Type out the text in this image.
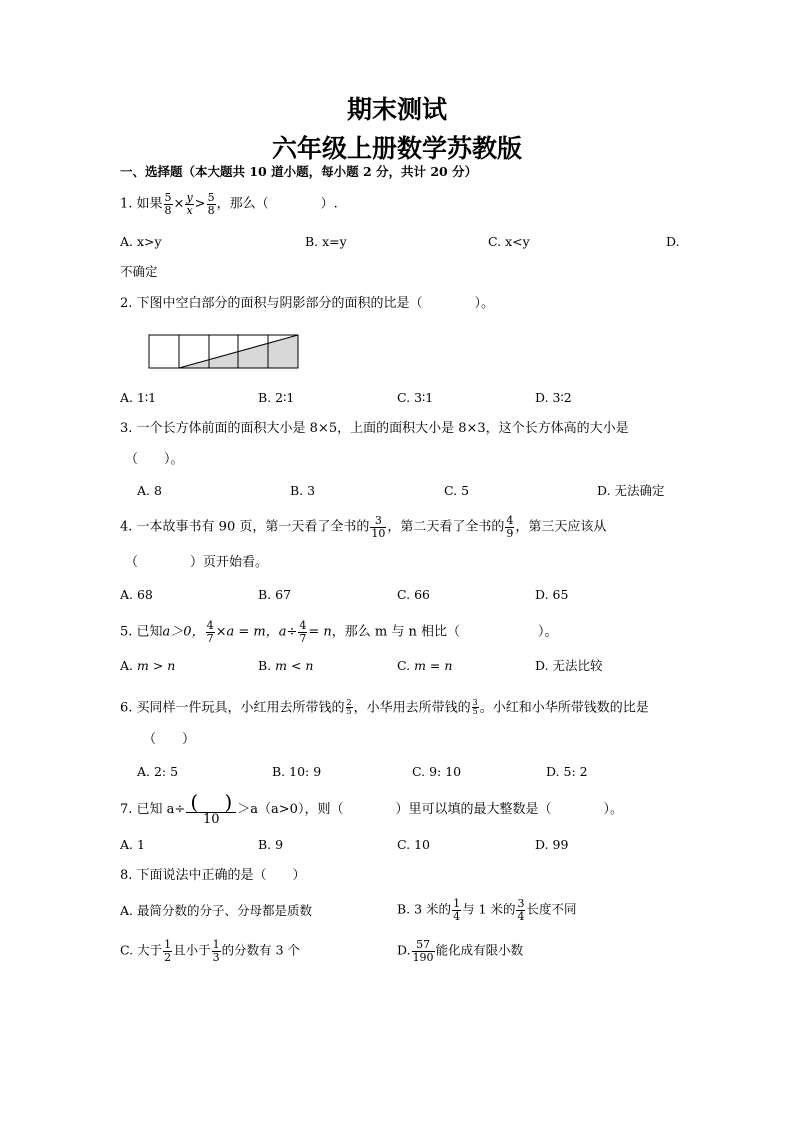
期末测试
六年级上册数学苏教版
一、选择题（本大题共 10 道小题，每小题 2 分，共计 20 分）
1. 如果 $\frac{5}{8} \times \frac{y}{x} > \frac{5}{8}$ ，那么（　　　　）.
A. x>y	B. x=y	C. x<y	D.
不确定
2. 下图中空白部分的面积与阴影部分的面积的比是（　　　　）。
A. 1∶1	B. 2∶1	C. 3∶1	D. 3∶2
3. 一个长方体前面的面积大小是 8×5，上面的面积大小是 8×3，这个长方体高的大小是
（　　）。
A. 8	B. 3	C. 5	D. 无法确定
4. 一本故事书有 90 页，第一天看了全书的 $\frac{3}{10}$ ，第二天看了全书的 $\frac{4}{9}$ ，第三天应该从
（　　　　）页开始看。
A. 68	B. 67	C. 66	D. 65
5. 已知a＞0， $\frac{4}{7} \times a = m$，$a\div \frac{4}{7} = n$，那么 m 与 n 相比（　　　　　　）。
A. m > n	B. m < n	C. m = n	D. 无法比较
6. 买同样一件玩具，小红用去所带钱的 $\frac{2}{5}$ ，小华用去所带钱的 $\frac{3}{5}$ 。小红和小华所带钱数的比是
（　　）
A. 2: 5	B. 10: 9	C. 9: 10	D. 5: 2
7. 已知 $a\div \frac{( )}{10} >a(a>0)$，则（　　　　）里可以填的最大整数是（　　　　）。
A. 1	B. 9	C. 10	D. 99
8. 下面说法中正确的是（　　）
A. 最简分数的分子、分母都是质数	B. 3 米的 $\frac{1}{4}$ 与 1 米的 $\frac{3}{4}$ 长度不同
C. 大于 $\frac{1}{2}$ 且小于 $\frac{1}{3}$ 的分数有 3 个	D. $\frac{57}{190}$ 能化成有限小数
